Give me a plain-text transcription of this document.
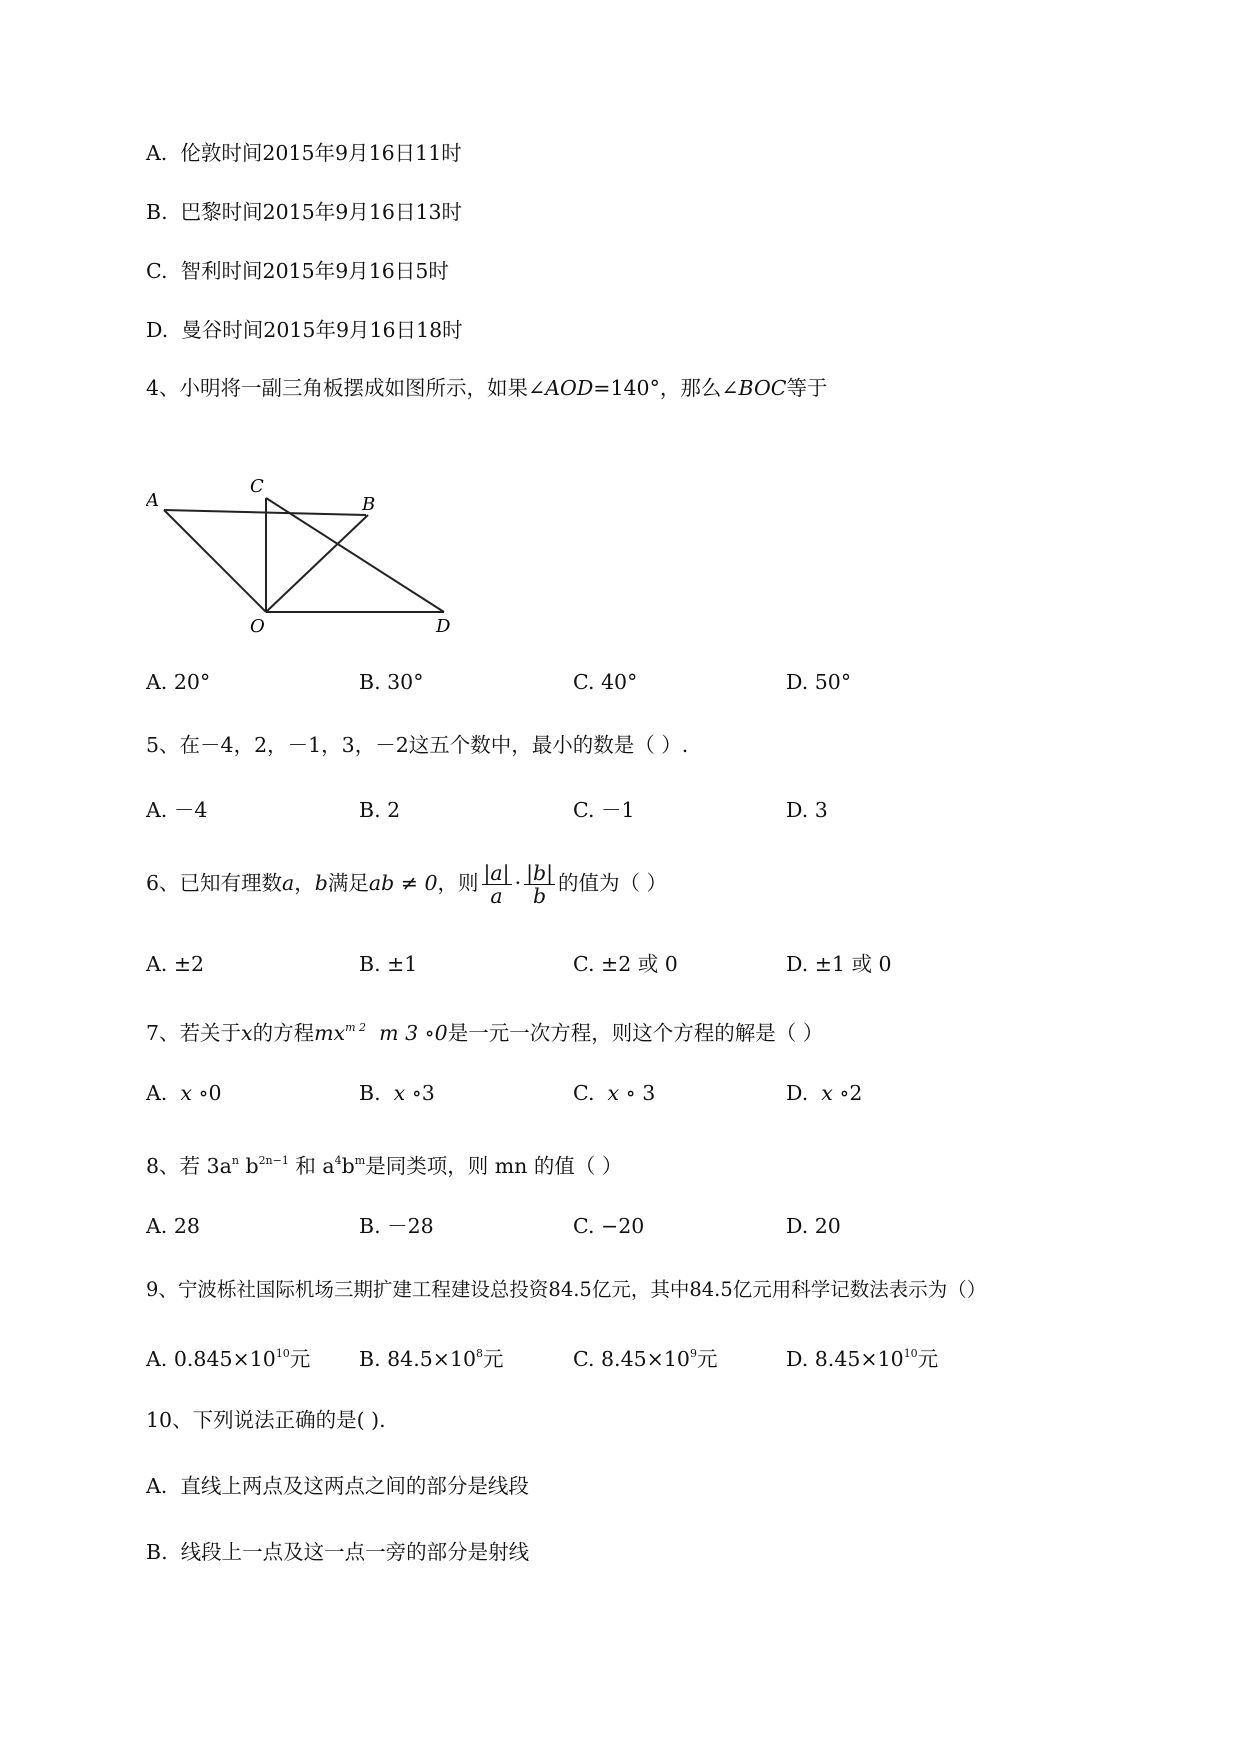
A. 伦敦时间2015年9月16日11时
B. 巴黎时间2015年9月16日13时
C. 智利时间2015年9月16日5时
D. 曼谷时间2015年9月16日18时
4、小明将一副三角板摆成如图所示，如果∠AOD=140°，那么∠BOC等于
A
C
B
O	D
A. 20°	B. 30°	C. 40°	D. 50°
5、在－4，2，－1，3，－2这五个数中，最小的数是（ ）.
A. －4	B. 2	C. －1	D. 3
6、已知有理数a，b满足ab ≠ 0，则 $\frac{|a|}{a} \cdot \frac{|b|}{b}$ 的值为（ ）
A. ±2	B. ±1	C. ±2 或 0	D. ±1 或 0
7、若关于x的方程$mx^{m 2}$ m 3 ∘0是一元一次方程，则这个方程的解是（ ）
A. x ∘0	B. x ∘3	C. x ∘ 3	D. x ∘2
8、若 $3a^n$ $b^{2n-1}$ 和 $a^4b^m$是同类项，则 mn 的值（ ）
A. 28	B. －28	C. −20	D. 20
9、宁波栎社国际机场三期扩建工程建设总投资84.5亿元，其中84.5亿元用科学记数法表示为（）
A. $0.845\times 10^{10}$元 B. $84.5\times 10^8$元	C. $8.45\times 10^9$元	D. $8.45\times 10^{10}$元
10、下列说法正确的是( ).
A. 直线上两点及这两点之间的部分是线段
B. 线段上一点及这一点一旁的部分是射线
